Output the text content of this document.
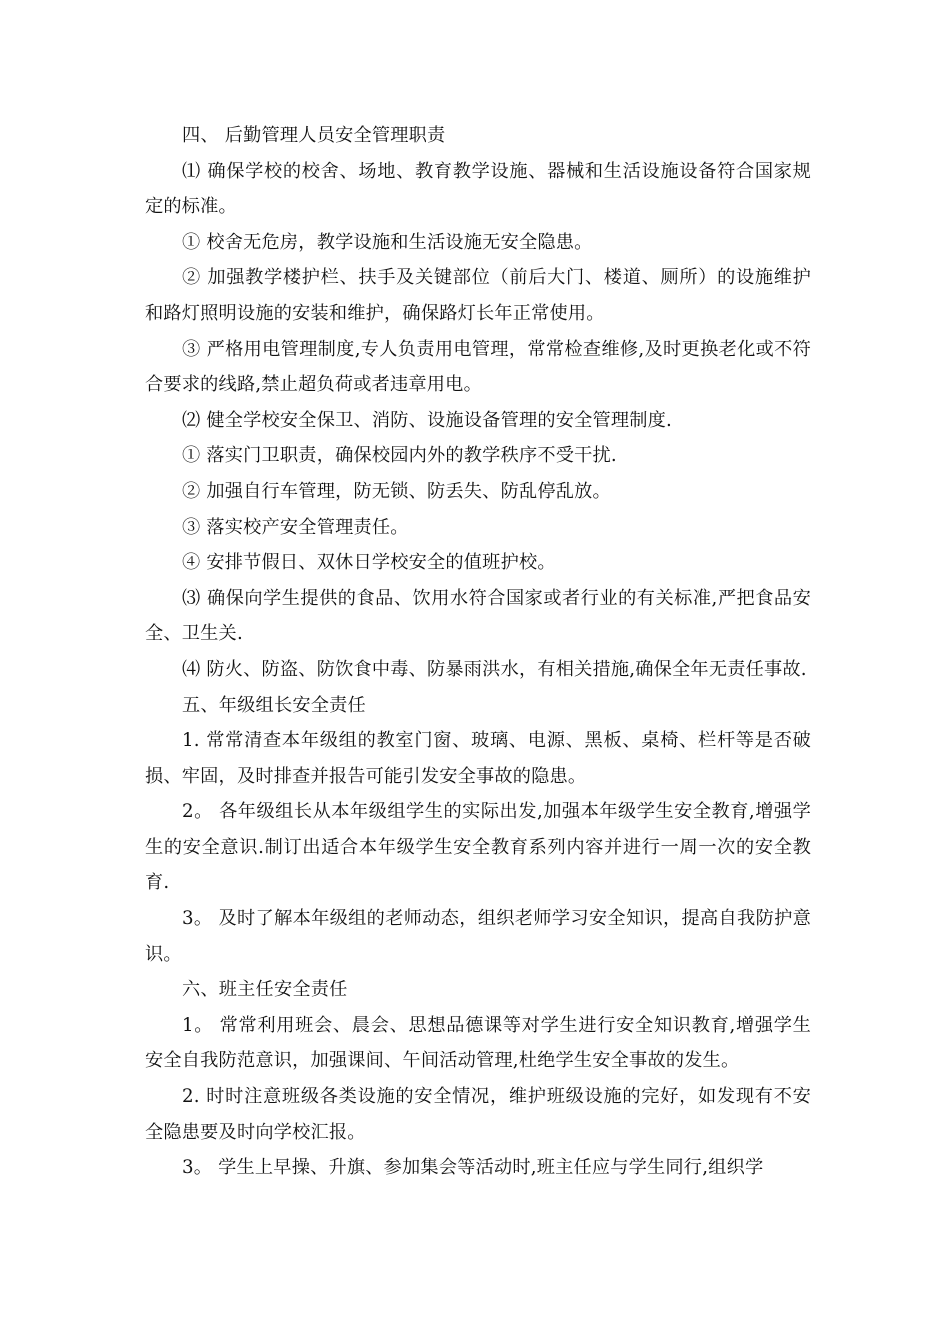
四、 后勤管理人员安全管理职责

⑴ 确保学校的校舍、场地、教育教学设施、器械和生活设施设备符合国家规定的标准。

① 校舍无危房，教学设施和生活设施无安全隐患。

② 加强教学楼护栏、扶手及关键部位（前后大门、楼道、厕所）的设施维护和路灯照明设施的安装和维护，确保路灯长年正常使用。

③ 严格用电管理制度,专人负责用电管理，常常检查维修,及时更换老化或不符合要求的线路,禁止超负荷或者违章用电。

⑵ 健全学校安全保卫、消防、设施设备管理的安全管理制度.

① 落实门卫职责，确保校园内外的教学秩序不受干扰.

② 加强自行车管理，防无锁、防丢失、防乱停乱放。

③ 落实校产安全管理责任。

④ 安排节假日、双休日学校安全的值班护校。

⑶ 确保向学生提供的食品、饮用水符合国家或者行业的有关标准,严把食品安全、卫生关.

⑷ 防火、防盗、防饮食中毒、防暴雨洪水，有相关措施,确保全年无责任事故.

五、年级组长安全责任

1. 常常清查本年级组的教室门窗、玻璃、电源、黑板、桌椅、栏杆等是否破损、牢固，及时排查并报告可能引发安全事故的隐患。

2。 各年级组长从本年级组学生的实际出发,加强本年级学生安全教育,增强学生的安全意识.制订出适合本年级学生安全教育系列内容并进行一周一次的安全教育.

3。 及时了解本年级组的老师动态，组织老师学习安全知识，提高自我防护意识。

六、班主任安全责任

1。 常常利用班会、晨会、思想品德课等对学生进行安全知识教育,增强学生安全自我防范意识，加强课间、午间活动管理,杜绝学生安全事故的发生。

2. 时时注意班级各类设施的安全情况，维护班级设施的完好，如发现有不安全隐患要及时向学校汇报。

3。 学生上早操、升旗、参加集会等活动时,班主任应与学生同行,组织学
